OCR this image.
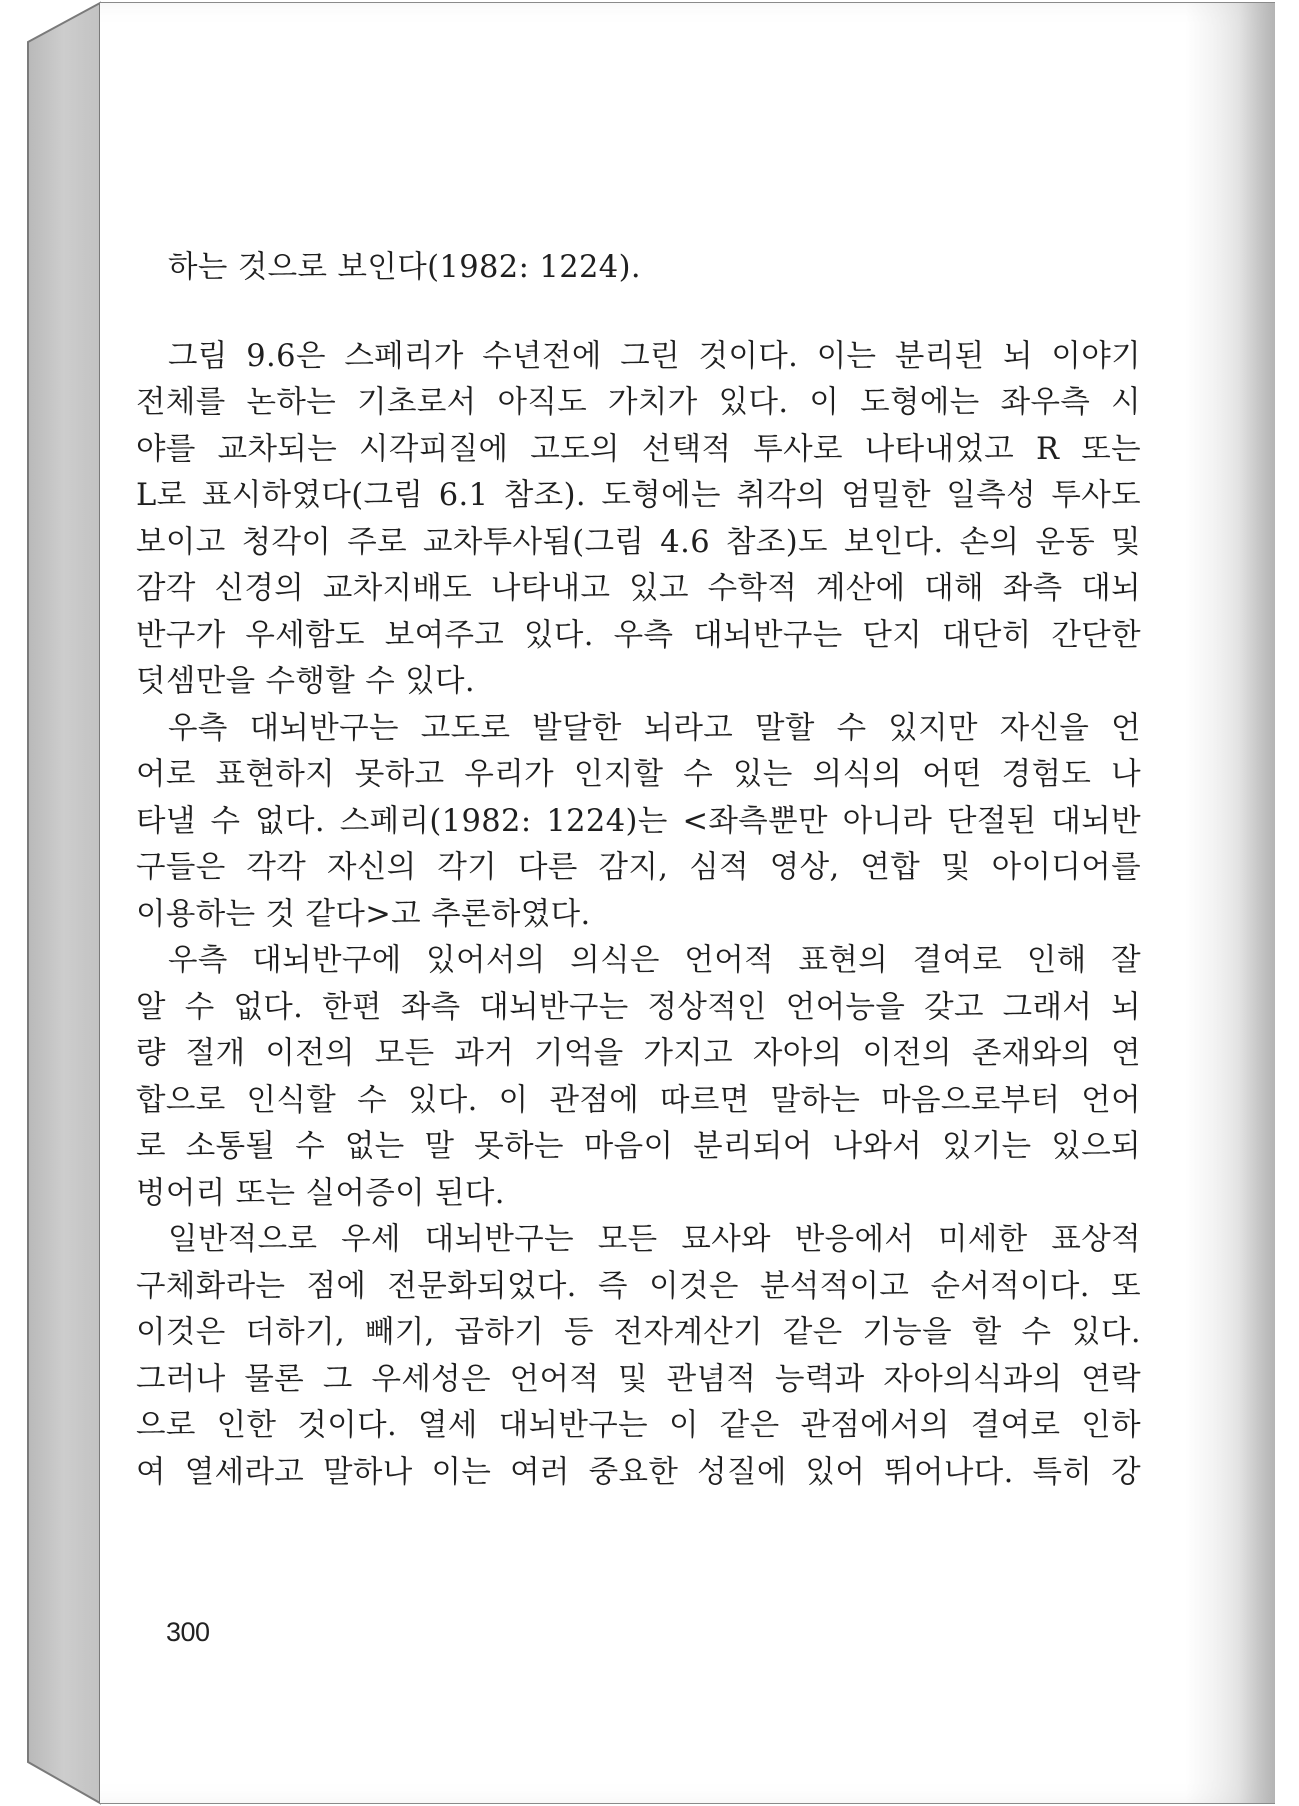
하는 것으로 보인다(1982: 1224).
그림 9.6은 스페리가 수년전에 그린 것이다. 이는 분리된 뇌 이야기
전체를 논하는 기초로서 아직도 가치가 있다. 이 도형에는 좌우측 시
야를 교차되는 시각피질에 고도의 선택적 투사로 나타내었고 R 또는
L로 표시하였다(그림 6.1 참조). 도형에는 취각의 엄밀한 일측성 투사도
보이고 청각이 주로 교차투사됨(그림 4.6 참조)도 보인다. 손의 운동 및
감각 신경의 교차지배도 나타내고 있고 수학적 계산에 대해 좌측 대뇌
반구가 우세함도 보여주고 있다. 우측 대뇌반구는 단지 대단히 간단한
덧셈만을 수행할 수 있다.
우측 대뇌반구는 고도로 발달한 뇌라고 말할 수 있지만 자신을 언
어로 표현하지 못하고 우리가 인지할 수 있는 의식의 어떤 경험도 나
타낼 수 없다. 스페리(1982: 1224)는 <좌측뿐만 아니라 단절된 대뇌반
구들은 각각 자신의 각기 다른 감지, 심적 영상, 연합 및 아이디어를
이용하는 것 같다>고 추론하였다.
우측 대뇌반구에 있어서의 의식은 언어적 표현의 결여로 인해 잘
알 수 없다. 한편 좌측 대뇌반구는 정상적인 언어능을 갖고 그래서 뇌
량 절개 이전의 모든 과거 기억을 가지고 자아의 이전의 존재와의 연
합으로 인식할 수 있다. 이 관점에 따르면 말하는 마음으로부터 언어
로 소통될 수 없는 말 못하는 마음이 분리되어 나와서 있기는 있으되
벙어리 또는 실어증이 된다.
일반적으로 우세 대뇌반구는 모든 묘사와 반응에서 미세한 표상적
구체화라는 점에 전문화되었다. 즉 이것은 분석적이고 순서적이다. 또
이것은 더하기, 빼기, 곱하기 등 전자계산기 같은 기능을 할 수 있다.
그러나 물론 그 우세성은 언어적 및 관념적 능력과 자아의식과의 연락
으로 인한 것이다. 열세 대뇌반구는 이 같은 관점에서의 결여로 인하
여 열세라고 말하나 이는 여러 중요한 성질에 있어 뛰어나다. 특히 강
300
